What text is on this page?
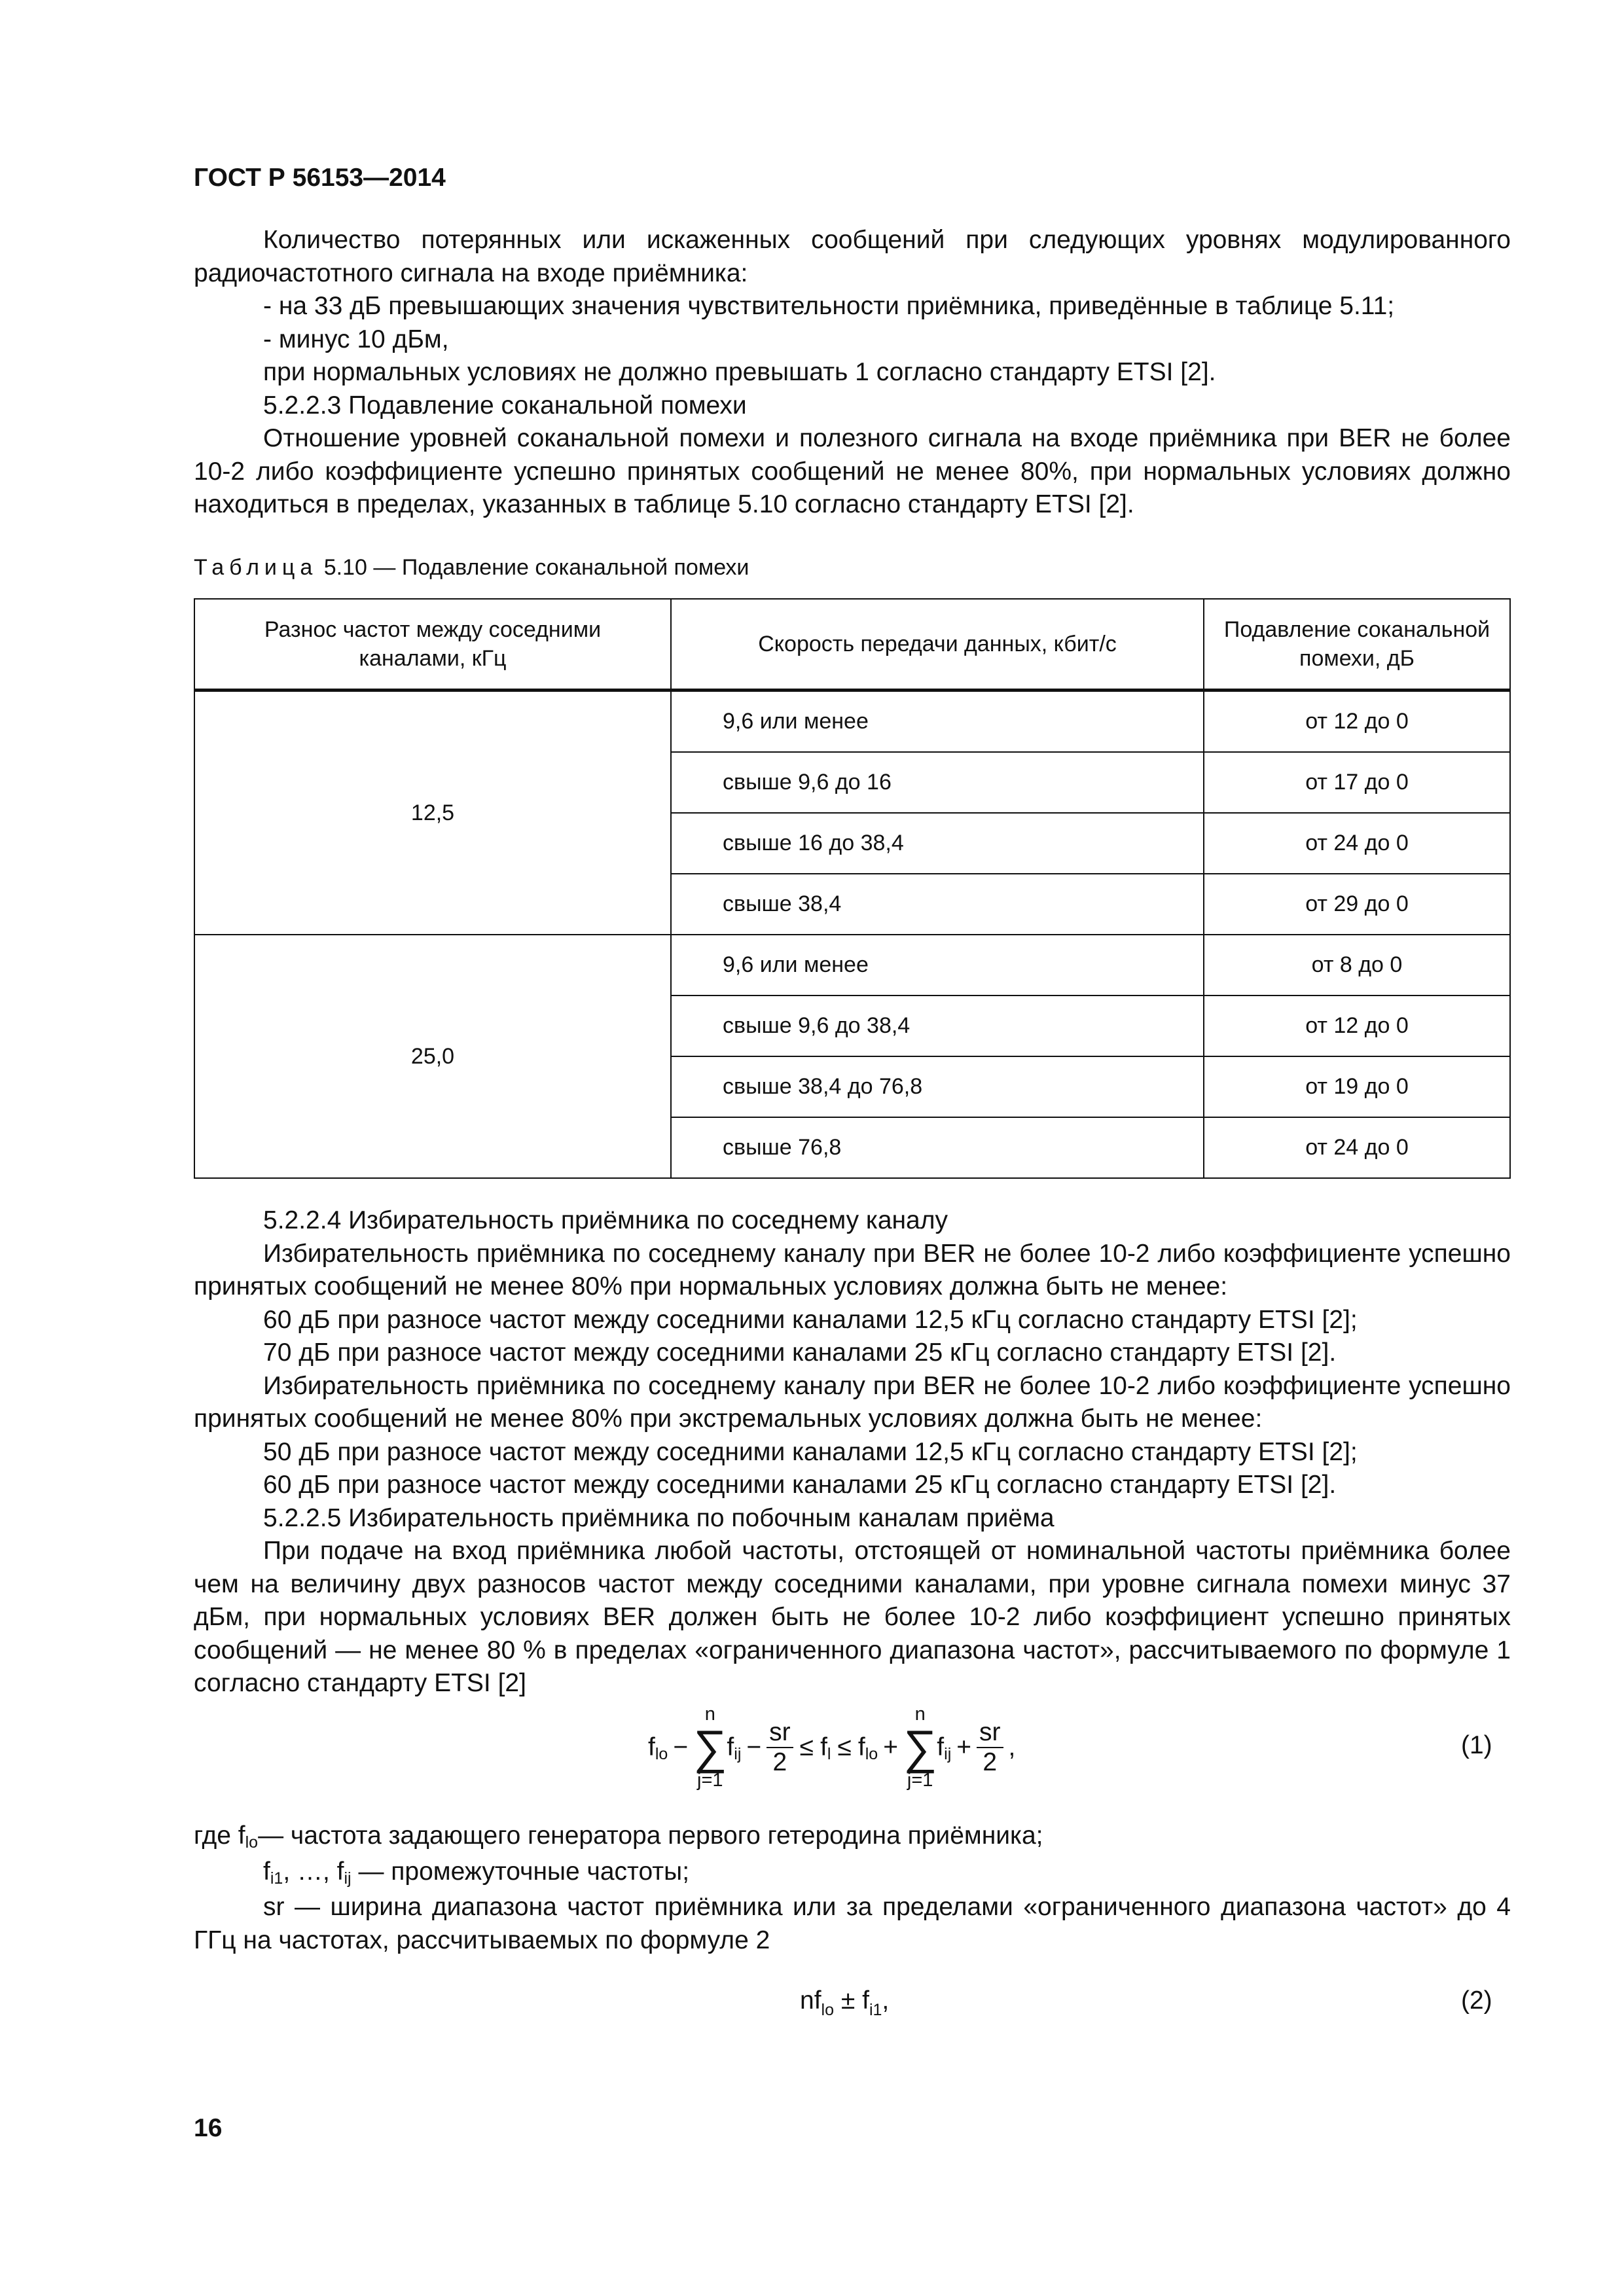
ГОСТ Р 56153—2014

Количество потерянных или искаженных сообщений при следующих уровнях модулированного радиочастотного сигнала на входе приёмника:

- на 33 дБ превышающих значения чувствительности приёмника, приведённые в таблице 5.11;

- минус 10 дБм,

при нормальных условиях не должно превышать 1 согласно стандарту ETSI [2].

5.2.2.3 Подавление соканальной помехи

Отношение уровней соканальной помехи и полезного сигнала на входе приёмника при BER не более 10-2 либо коэффициенте успешно принятых сообщений не менее 80%, при нормальных условиях должно находиться в пределах, указанных в таблице 5.10 согласно стандарту ETSI [2].

Таблица 5.10 — Подавление соканальной помехи
Разнос частот между соседними каналами, кГц	Скорость передачи данных, кбит/с	Подавление соканальной помехи, дБ
12,5	9,6 или менее	от 12 до 0
	свыше 9,6 до 16	от 17 до 0
	свыше 16 до 38,4	от 24 до 0
	свыше 38,4	от 29 до 0
25,0	9,6 или менее	от 8 до 0
	свыше 9,6 до 38,4	от 12 до 0
	свыше 38,4 до 76,8	от 19 до 0
	свыше 76,8	от 24 до 0

5.2.2.4 Избирательность приёмника по соседнему каналу

Избирательность приёмника по соседнему каналу при BER не более 10-2 либо коэффициенте успешно принятых сообщений не менее 80% при нормальных условиях должна быть не менее:

60 дБ при разносе частот между соседними каналами 12,5 кГц согласно стандарту ETSI [2];

70 дБ при разносе частот между соседними каналами 25 кГц согласно стандарту ETSI [2].

Избирательность приёмника по соседнему каналу при BER не более 10-2 либо коэффициенте успешно принятых сообщений не менее 80% при экстремальных условиях должна быть не менее:

50 дБ при разносе частот между соседними каналами 12,5 кГц согласно стандарту ETSI [2];

60 дБ при разносе частот между соседними каналами 25 кГц согласно стандарту ETSI [2].

5.2.2.5 Избирательность приёмника по побочным каналам приёма

При подаче на вход приёмника любой частоты, отстоящей от номинальной частоты приёмника более чем на величину двух разносов частот между соседними каналами, при уровне сигнала помехи минус 37 дБм, при нормальных условиях BER должен быть не более 10-2 либо коэффициент успешно принятых сообщений — не менее 80 % в пределах «ограниченного диапазона частот», рассчитываемого по формуле 1 согласно стандарту ETSI [2]

f lo −
n
∑
j=1
f ij − $\frac{sr}{2} \le f$ l ≤ f lo +
n
∑
j=1
f ij + $\frac{sr}{2}$ ,	(1)

где flo— частота задающего генератора первого гетеродина приёмника;

fi1, …, fij — промежуточные частоты;

sr — ширина диапазона частот приёмника или за пределами «ограниченного диапазона частот» до 4 ГГц на частотах, рассчитываемых по формуле 2

$nf_{lo} \pm f_{i1}$,	(2)
16
